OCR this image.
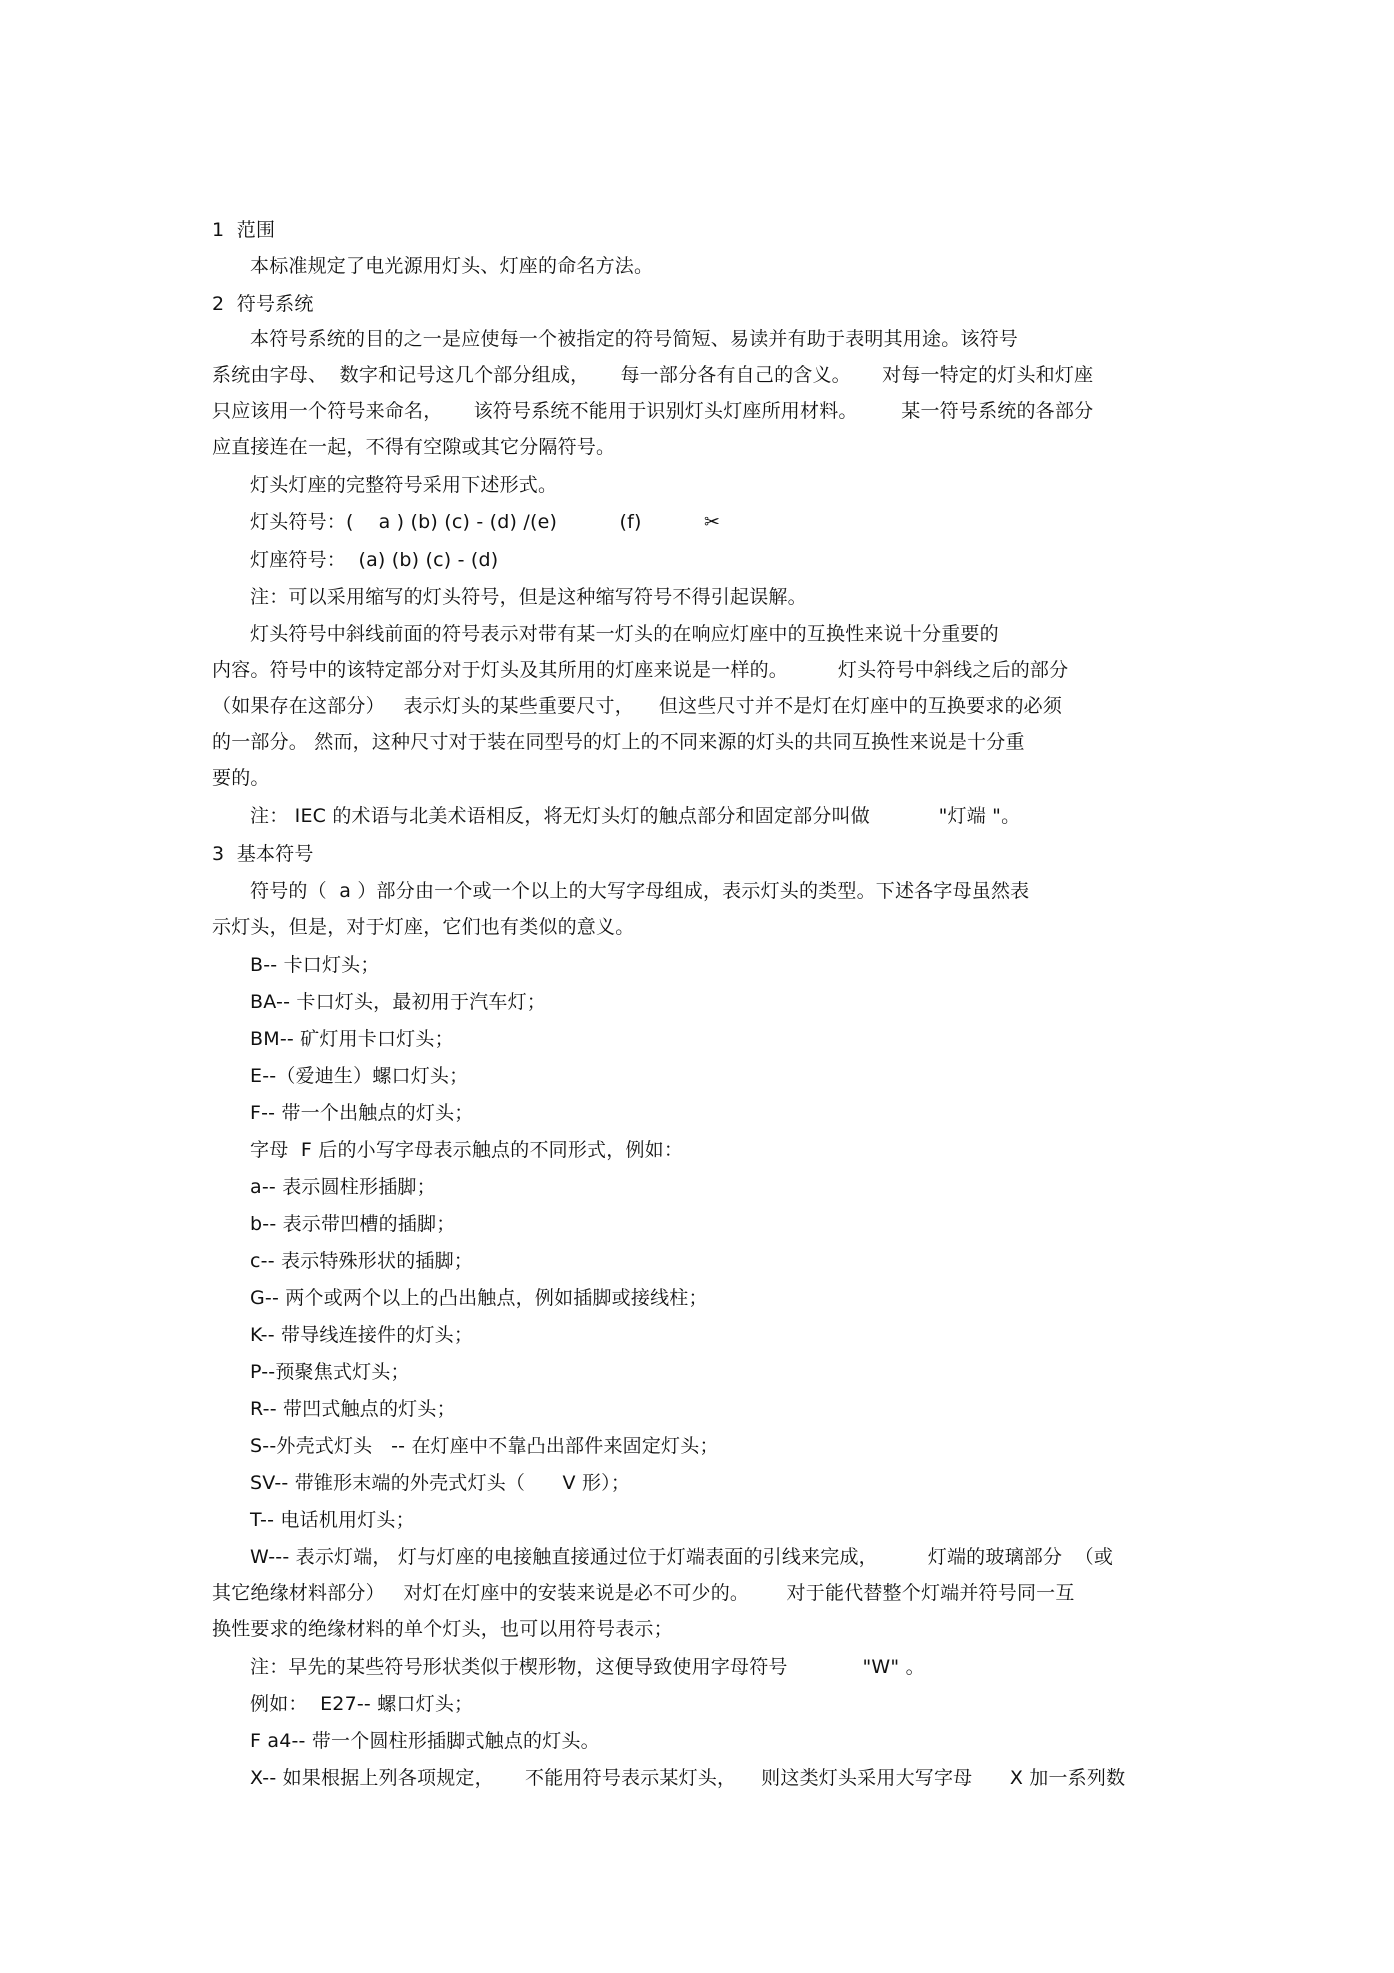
1  范围
本标准规定了电光源用灯头、灯座的命名方法。
2  符号系统
本符号系统的目的之一是应使每一个被指定的符号简短、易读并有助于表明其用途。该符号
系统由字母、  数字和记号这几个部分组成，     每一部分各有自己的含义。     对每一特定的灯头和灯座
只应该用一个符号来命名，     该符号系统不能用于识别灯头灯座所用材料。       某一符号系统的各部分
应直接连在一起，不得有空隙或其它分隔符号。
灯头灯座的完整符号采用下述形式。
灯头符号：(    a ) (b) (c) - (d) /(e)          (f)          ✂
灯座符号：  (a) (b) (c) - (d)
注：可以采用缩写的灯头符号，但是这种缩写符号不得引起误解。
灯头符号中斜线前面的符号表示对带有某一灯头的在响应灯座中的互换性来说十分重要的
内容。符号中的该特定部分对于灯头及其所用的灯座来说是一样的。        灯头符号中斜线之后的部分
（如果存在这部分）   表示灯头的某些重要尺寸，    但这些尺寸并不是灯在灯座中的互换要求的必须
的一部分。 然而，这种尺寸对于装在同型号的灯上的不同来源的灯头的共同互换性来说是十分重
要的。
注： IEC 的术语与北美术语相反，将无灯头灯的触点部分和固定部分叫做           "灯端 "。
3  基本符号
符号的（  a ）部分由一个或一个以上的大写字母组成，表示灯头的类型。下述各字母虽然表
示灯头，但是，对于灯座，它们也有类似的意义。
B-- 卡口灯头；
BA-- 卡口灯头，最初用于汽车灯；
BM-- 矿灯用卡口灯头；
E--（爱迪生）螺口灯头；
F-- 带一个出触点的灯头；
字母  F 后的小写字母表示触点的不同形式，例如：
a-- 表示圆柱形插脚；
b-- 表示带凹槽的插脚；
c-- 表示特殊形状的插脚；
G-- 两个或两个以上的凸出触点，例如插脚或接线柱；
K-- 带导线连接件的灯头；
P--预聚焦式灯头；
R-- 带凹式触点的灯头；
S--外壳式灯头   -- 在灯座中不靠凸出部件来固定灯头；
SV-- 带锥形末端的外壳式灯头（      V 形）；
T-- 电话机用灯头；
W--- 表示灯端， 灯与灯座的电接触直接通过位于灯端表面的引线来完成，        灯端的玻璃部分  （或
其它绝缘材料部分）   对灯在灯座中的安装来说是必不可少的。      对于能代替整个灯端并符号同一互
换性要求的绝缘材料的单个灯头，也可以用符号表示；
注：早先的某些符号形状类似于楔形物，这便导致使用字母符号            "W" 。
例如：  E27-- 螺口灯头；
F a4-- 带一个圆柱形插脚式触点的灯头。
X-- 如果根据上列各项规定，     不能用符号表示某灯头，    则这类灯头采用大写字母      X 加一系列数
